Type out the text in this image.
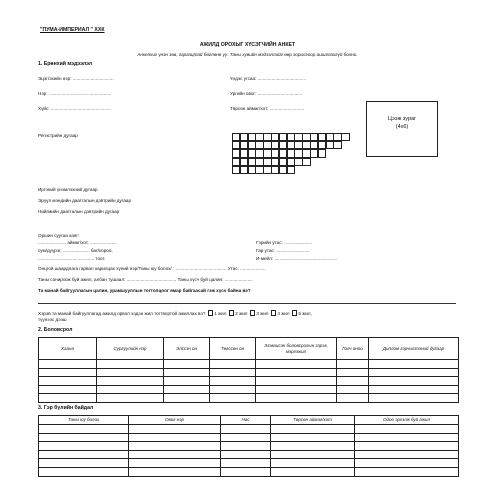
"ПУМА-ИМПЕРИАЛ " ХХК
АЖИЛД ОРОХЫГ ХҮСЭГЧИЙН АНКЕТ
Анкетыг үнэн зөв, гаргацтай бөглөнө үү. Таны хувийн мэдээллийг өөр зорилгоор ашиглахгүй болно.
1. Ерөнхий мэдээлэл
Эцэг/эхийн нэр: ................................	Үндэс угсаа: ......................................
Нэр: .................................................	Ургийн овог: ...................................
Хүйс: ...............................................	Төрсөн аймаг/хот: ...........................
Цээж зураг
(4x6)
Регистрийн дугаар
Иргэний үнэмлэхний дугаар
Эрүүл мэндийн даатгалын дэвтрийн дугаар
Нийгмийн даатгалын дэвтрийн дугаар
Оршин суугаа хаяг:
...................... аймаг/хот, .....................
сум/дүүрэг, ..................... баг/хороо,
............................................ тоот.
Гэрийн утас: ......................
Гар утас: ..........................
И-мейл: .................................................
Онцгой шаардлага гарвал харилцах хүний нэр/Таны юу болох/ : ........................................ Утас: ....................
Таны сонирхож буй ажил, албан тушаал: ....................................... Таны хүсч буй цалин: ......................
Та манай байгууллагын цалин, урамшууллын тогтолцоог ямар байгаасай гэж хүсч байна вэ?
Хэрэв та манай байгууллагад ажилд орвол хэдэн жил тогтвортой ажиллах вэ? 1 жил 2 жил 3 жил 4 жил 5 жил,
түүнээс дээш
2. Боловсрол
Хаана	Сургуулийн нэр	Элссэн он	Төгссөн он	Эзэмшсэн боловсролын зэрэг, мэргэжил	Голч оноо	Диплом гэрчилгээний дугаар

3. Гэр бүлийн байдал
Таны юу болох	Овог нэр	Нас	Төрсөн аймаг/хот	Одоо эрхэлж буй ажил
